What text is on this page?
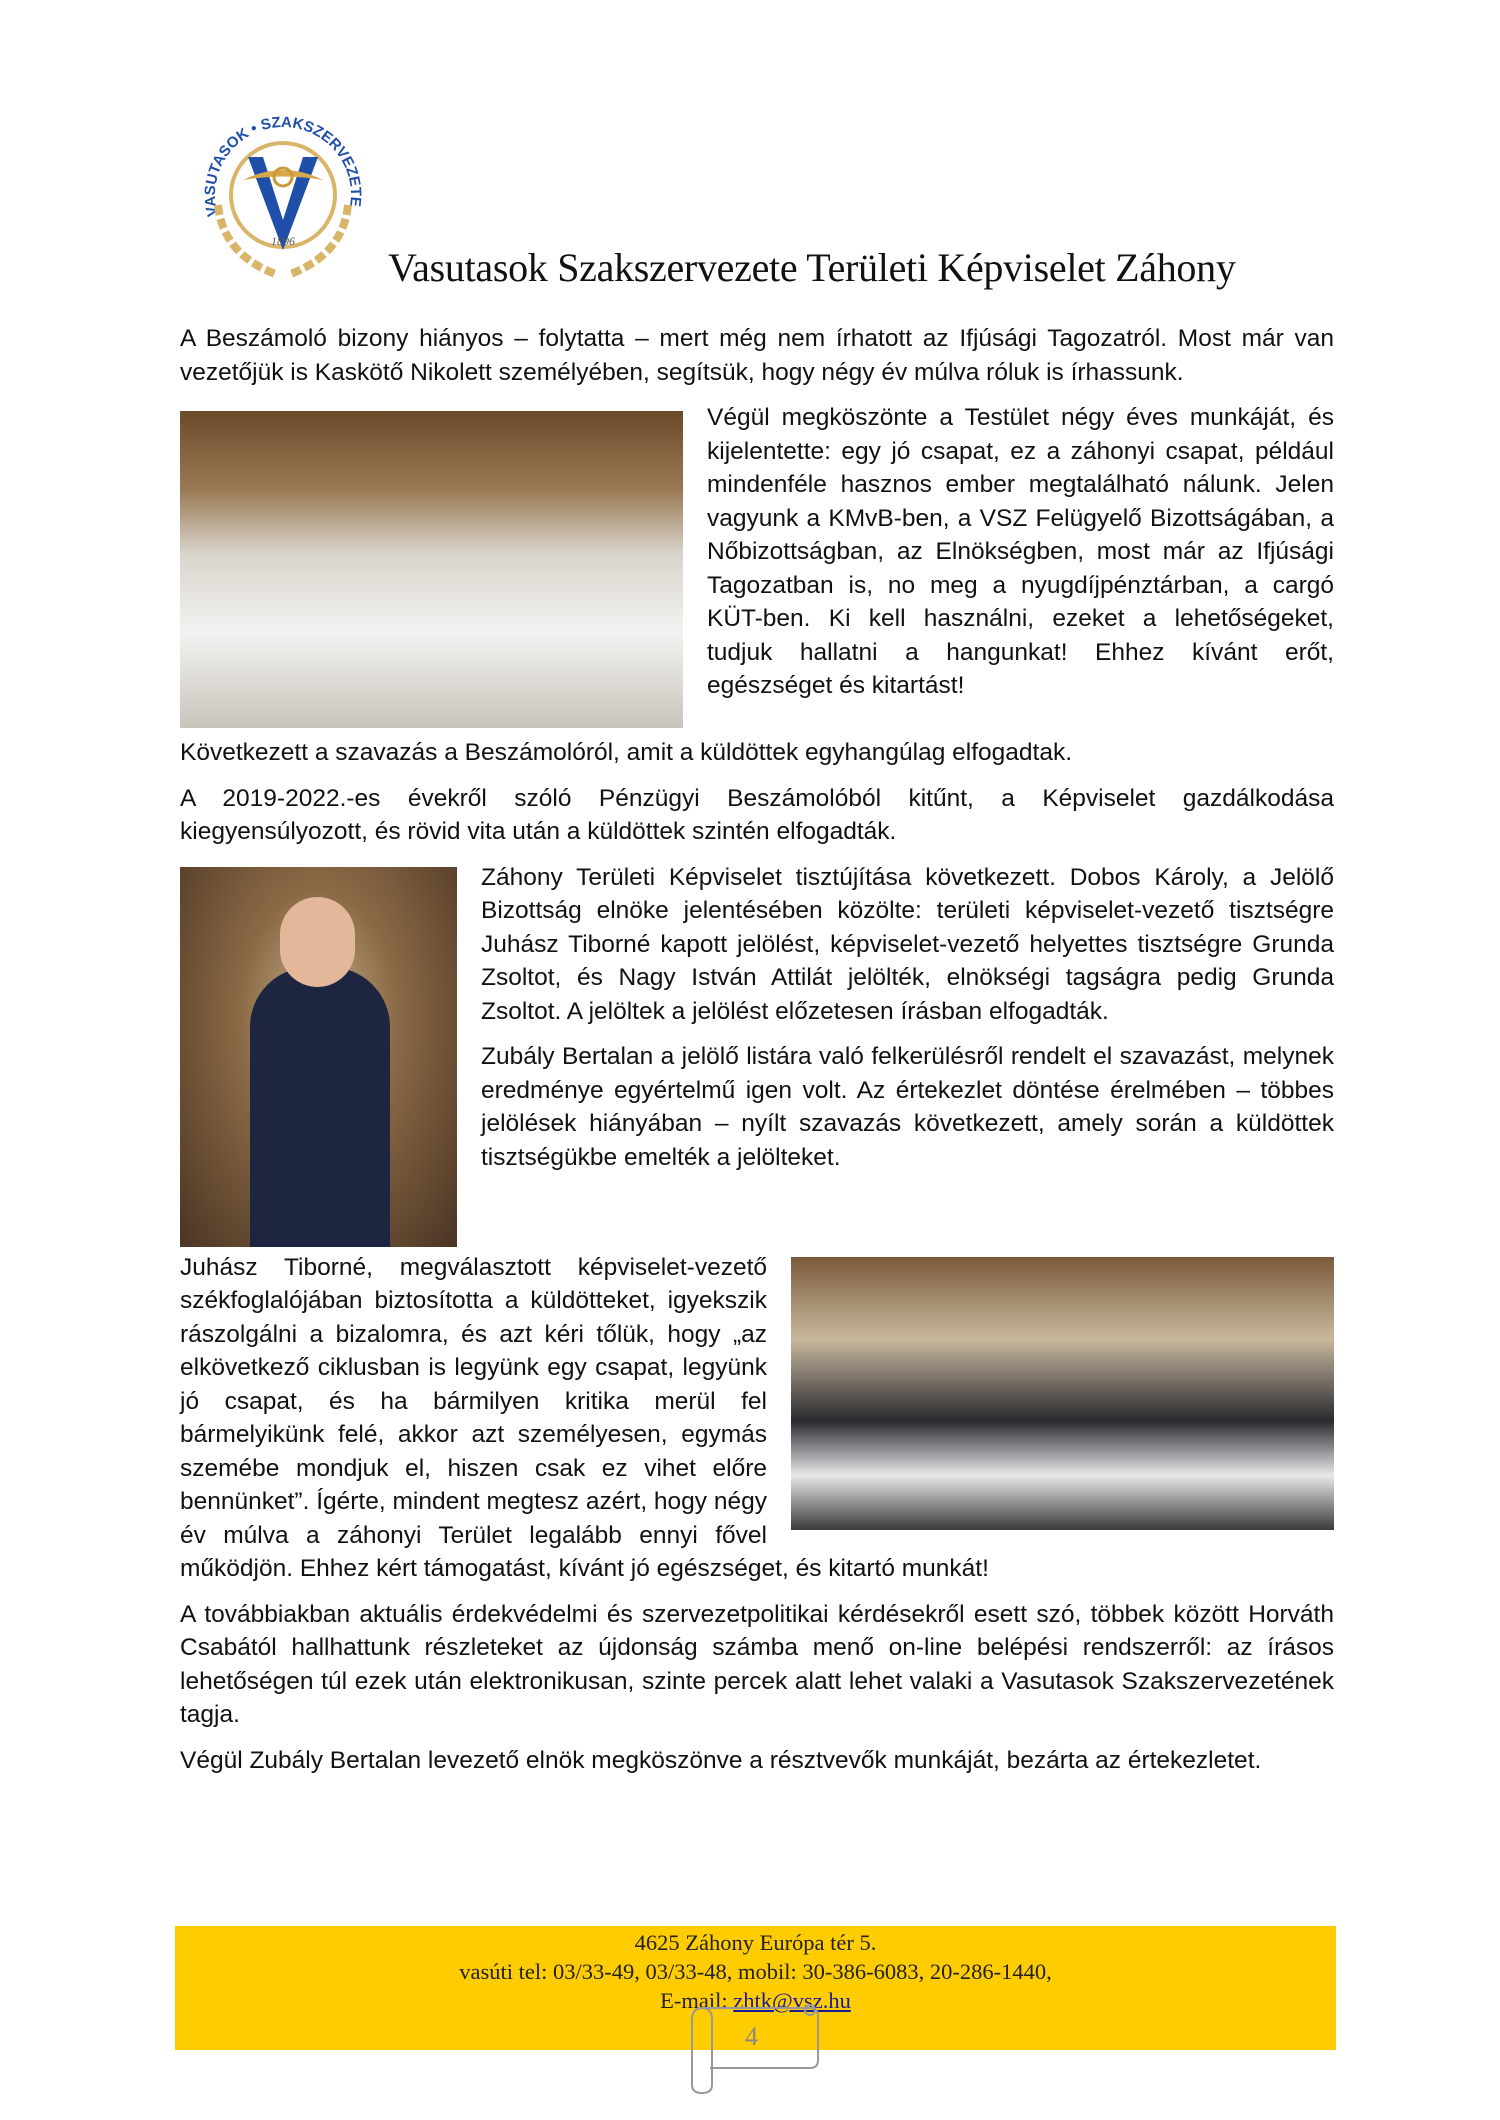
VASUTASOK • SZAKSZERVEZETE
1896
Vasutasok Szakszervezete Területi Képviselet Záhony

A Beszámoló bizony hiányos – folytatta – mert még nem írhatott az Ifjúsági Tagozatról. Most már van vezetőjük is Kaskötő Nikolett személyében, segítsük, hogy négy év múlva róluk is írhassunk.

Végül megköszönte a Testület négy éves munkáját, és kijelentette: egy jó csapat, ez a záhonyi csapat, például mindenféle hasznos ember megtalálható nálunk. Jelen vagyunk a KMvB-ben, a VSZ Felügyelő Bizottságában, a Nőbizottságban, az Elnökségben, most már az Ifjúsági Tagozatban is, no meg a nyugdíjpénztárban, a cargó KÜT-ben. Ki kell használni, ezeket a lehetőségeket, tudjuk hallatni a hangunkat! Ehhez kívánt erőt, egészséget és kitartást!

Következett a szavazás a Beszámolóról, amit a küldöttek egyhangúlag elfogadtak.

A 2019-2022.-es évekről szóló Pénzügyi Beszámolóból kitűnt, a Képviselet gazdálkodása kiegyensúlyozott, és rövid vita után a küldöttek szintén elfogadták.

Záhony Területi Képviselet tisztújítása következett. Dobos Károly, a Jelölő Bizottság elnöke jelentésében közölte: területi képviselet-vezető tisztségre Juhász Tiborné kapott jelölést, képviselet-vezető helyettes tisztségre Grunda Zsoltot, és Nagy István Attilát jelölték, elnökségi tagságra pedig Grunda Zsoltot. A jelöltek a jelölést előzetesen írásban elfogadták.

Zubály Bertalan a jelölő listára való felkerülésről rendelt el szavazást, melynek eredménye egyértelmű igen volt. Az értekezlet döntése érelmében – többes jelölések hiányában – nyílt szavazás következett, amely során a küldöttek tisztségükbe emelték a jelölteket.

Juhász Tiborné, megválasztott képviselet-vezető székfoglalójában biztosította a küldötteket, igyekszik rászolgálni a bizalomra, és azt kéri tőlük, hogy „az elkövetkező ciklusban is legyünk egy csapat, legyünk jó csapat, és ha bármilyen kritika merül fel bármelyikünk felé, akkor azt személyesen, egymás szemébe mondjuk el, hiszen csak ez vihet előre bennünket”. Ígérte, mindent megtesz azért, hogy négy év múlva a záhonyi Terület legalább ennyi fővel működjön. Ehhez kért támogatást, kívánt jó egészséget, és kitartó munkát!

A továbbiakban aktuális érdekvédelmi és szervezetpolitikai kérdésekről esett szó, többek között Horváth Csabától hallhattunk részleteket az újdonság számba menő on-line belépési rendszerről: az írásos lehetőségen túl ezek után elektronikusan, szinte percek alatt lehet valaki a Vasutasok Szakszervezetének tagja.

Végül Zubály Bertalan levezető elnök megköszönve a résztvevők munkáját, bezárta az értekezletet.

4625 Záhony Európa tér 5.
vasúti tel: 03/33-49, 03/33-48, mobil: 30-386-6083, 20-286-1440,
E-mail: zhtk@vsz.hu
4
